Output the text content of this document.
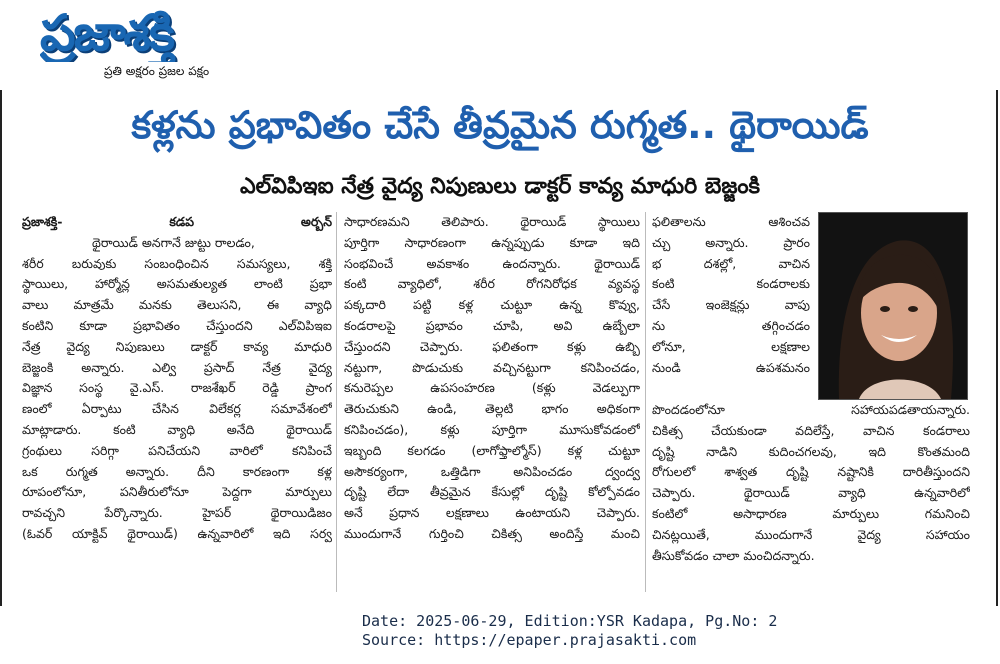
ప్రజాశక్తి
ప్రతి అక్షరం ప్రజల పక్షం
కళ్లను ప్రభావితం చేసే తీవ్రమైన రుగ్మత.. థైరాయిడ్
ఎల్‌విపిఇఐ నేత్ర వైద్య నిపుణులు డాక్టర్ కావ్య మాధురి బెజ్జంకి
ప్రజాశక్తి- కడప అర్బన్
థైరాయిడ్ అనగానే జుట్టు రాలడం,
శరీర బరువుకు సంబంధించిన సమస్యలు, శక్తి
స్థాయిలు, హార్మోన్ల అసమతుల్యత లాంటి ప్రభా
వాలు మాత్రమే మనకు తెలుసని, ఈ వ్యాధి
కంటిని కూడా ప్రభావితం చేస్తుందని ఎల్‌విపిఇఐ
నేత్ర వైద్య నిపుణులు డాక్టర్ కావ్య మాధురి
బెజ్జంకి అన్నారు. ఎల్వి ప్రసాద్ నేత్ర వైద్య
విజ్ఞాన సంస్థ వై.ఎస్. రాజశేఖర్ రెడ్డి ప్రాంగ
ణంలో ఏర్పాటు చేసిన విలేకర్ల సమావేశంలో
మాట్లాడారు. కంటి వ్యాధి అనేది థైరాయిడ్
గ్రంథులు సరిగ్గా పనిచేయని వారిలో కనిపించే
ఒక రుగ్మత అన్నారు. దీని కారణంగా కళ్ల
రూపంలోనూ, పనితీరులోనూ పెద్దగా మార్పులు
రావచ్చని పేర్కొన్నారు. హైపర్ థైరాయిడిజం
(ఓవర్ యాక్టివ్ థైరాయిడ్) ఉన్నవారిలో ఇది సర్వ
సాధారణమని తెలిపారు. థైరాయిడ్ స్థాయిలు
పూర్తిగా సాధారణంగా ఉన్నప్పుడు కూడా ఇది
సంభవించే అవకాశం ఉందన్నారు. థైరాయిడ్
కంటి వ్యాధిలో, శరీర రోగనిరోధక వ్యవస్థ
పక్కదారి పట్టి కళ్ల చుట్టూ ఉన్న కొవ్వు,
కండరాలపై ప్రభావం చూపి, అవి ఉబ్బేలా
చేస్తుందని చెప్పారు. ఫలితంగా కళ్లు ఉబ్బి
నట్టుగా, పొడుచుకు వచ్చినట్టుగా కనిపించడం,
కనురెప్పల ఉపసంహరణ (కళ్లు వెడల్పుగా
తెరుచుకుని ఉండి, తెల్లటి భాగం అధికంగా
కనిపించడం), కళ్లు పూర్తిగా మూసుకోవడంలో
ఇబ్బంది కలగడం (లాగోఫ్తాల్మోస్) కళ్ల చుట్టూ
అసౌకర్యంగా, ఒత్తిడిగా అనిపించడం ద్వంద్వ
దృష్టి లేదా తీవ్రమైన కేసుల్లో దృష్టి కోల్పోవడం
అనే ప్రధాన లక్షణాలు ఉంటాయని చెప్పారు.
ముందుగానే గుర్తించి చికిత్స అందిస్తే మంచి
ఫలితాలను ఆశించవ
చ్చు అన్నారు. ప్రారం
భ దశల్లో, వాచిన
కంటి కండరాలకు
చేసే ఇంజెక్షన్లు వాపు
ను తగ్గించడం
లోనూ, లక్షణాల
నుండి ఉపశమనం
పొందడంలోనూ సహాయపడతాయన్నారు.
చికిత్స చేయకుండా వదిలేస్తే, వాచిన కండరాలు
దృష్టి నాడిని కుదించగలవు, ఇది కొంతమంది
రోగులలో శాశ్వత దృష్టి నష్టానికి దారితీస్తుందని
చెప్పారు. థైరాయిడ్ వ్యాధి ఉన్నవారిలో
కంటిలో అసాధారణ మార్పులు గమనించి
చినట్లయితే, ముందుగానే వైద్య సహాయం
తీసుకోవడం చాలా మంచిదన్నారు.
Date: 2025-06-29, Edition:YSR Kadapa, Pg.No: 2
Source: https://epaper.prajasakti.com
